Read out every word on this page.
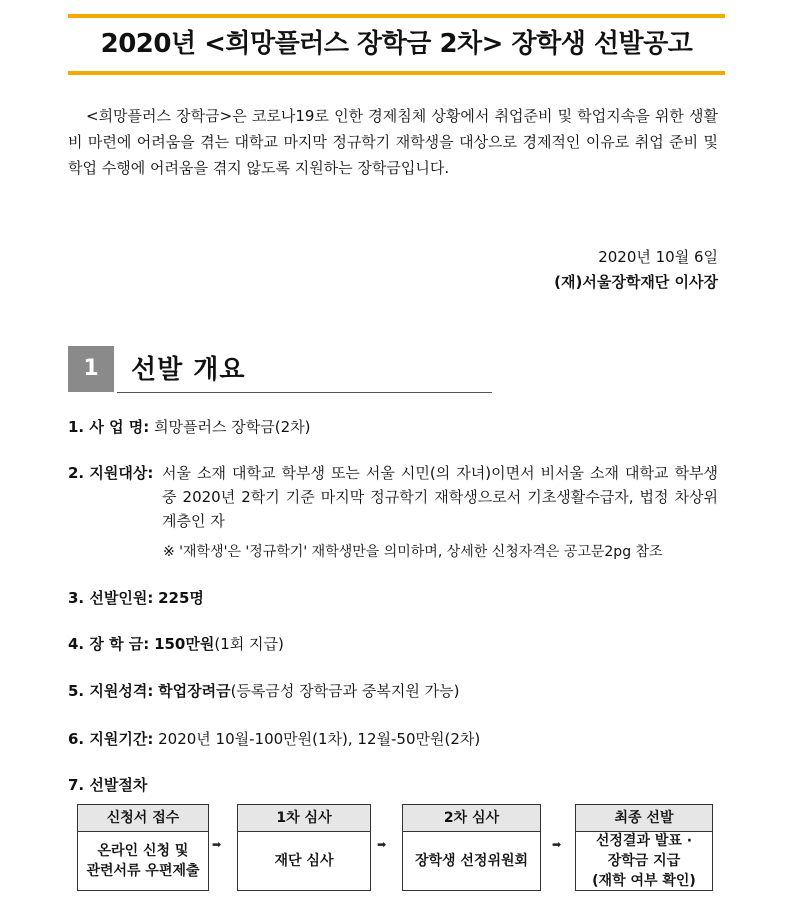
2020년 <희망플러스 장학금 2차> 장학생 선발공고
<희망플러스 장학금>은 코로나19로 인한 경제침체 상황에서 취업준비 및 학업지속을 위한 생활비 마련에 어려움을 겪는 대학교 마지막 정규학기 재학생을 대상으로 경제적인 이유로 취업 준비 및 학업 수행에 어려움을 겪지 않도록 지원하는 장학금입니다.
2020년 10월 6일
(재)서울장학재단 이사장
1	선발 개요
1. 사 업 명: 희망플러스 장학금(2차)
2. 지원대상: 서울 소재 대학교 학부생 또는 서울 시민(의 자녀)이면서 비서울 소재 대학교 학부생 중 2020년 2학기 기준 마지막 정규학기 재학생으로서 기초생활수급자, 법정 차상위계층인 자
※ '재학생'은 '정규학기' 재학생만을 의미하며, 상세한 신청자격은 공고문2pg 참조
3. 선발인원: 225명
4. 장 학 금: 150만원(1회 지급)
5. 지원성격: 학업장려금(등록금성 장학금과 중복지원 가능)
6. 지원기간: 2020년 10월-100만원(1차), 12월-50만원(2차)
7. 선발절차
신청서 접수
온라인 신청 및
관련서류 우편제출
➡
1차 심사
재단 심사
➡
2차 심사
장학생 선정위원회
➡
최종 선발
선정결과 발표 ·
장학금 지급
(재학 여부 확인)
